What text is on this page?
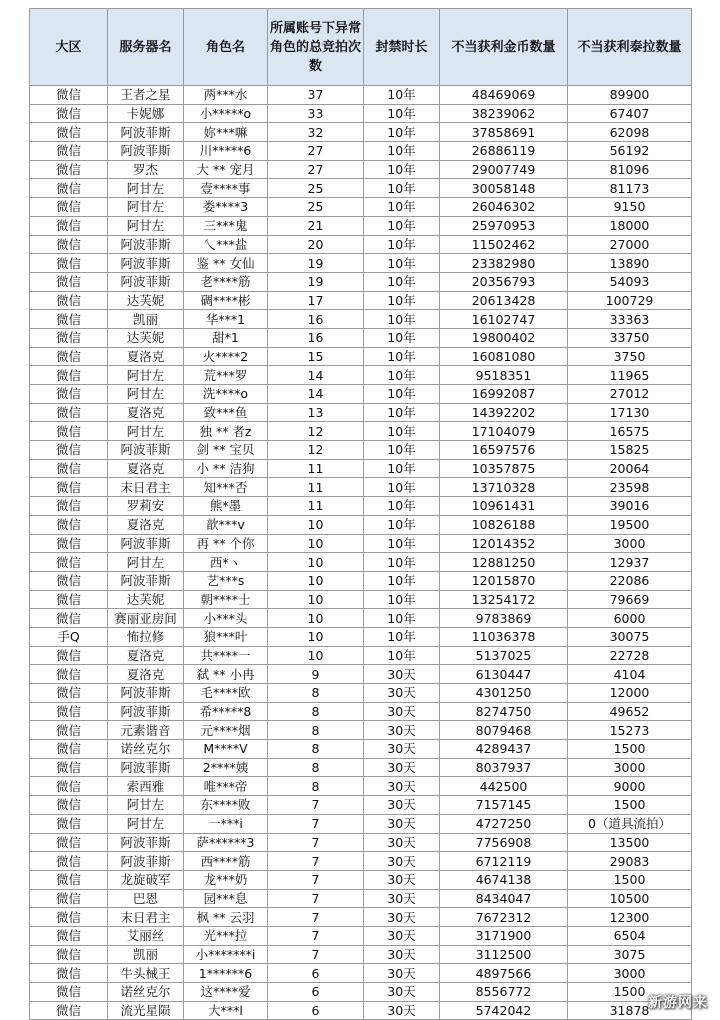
大区	服务器名	角色名	所属账号下异常角色的总竞拍次数	封禁时长	不当获利金币数量	不当获利泰拉数量
微信	王者之星	两***水	37	10年	48469069	89900
微信	卡妮娜	小*****o	33	10年	38239062	67407
微信	阿波菲斯	妳***嘛	32	10年	37858691	62098
微信	阿波菲斯	川*****6	27	10年	26886119	56192
微信	罗杰	大 ** 宠月	27	10年	29007749	81096
微信	阿甘左	壹****事	25	10年	30058148	81173
微信	阿甘左	娄****3	25	10年	26046302	9150
微信	阿甘左	三***鬼	21	10年	25970953	18000
微信	阿波菲斯	乀***盐	20	10年	11502462	27000
微信	阿波菲斯	鉴 ** 女仙	19	10年	23382980	13890
微信	阿波菲斯	老****筋	19	10年	20356793	54093
微信	达芙妮	碉****彬	17	10年	20613428	100729
微信	凯丽	华***1	16	10年	16102747	33363
微信	达芙妮	甜*1	16	10年	19800402	33750
微信	夏洛克	火****2	15	10年	16081080	3750
微信	阿甘左	荒***罗	14	10年	9518351	11965
微信	阿甘左	洗****o	14	10年	16992087	27012
微信	夏洛克	致***鱼	13	10年	14392202	17130
微信	阿甘左	独 ** 者z	12	10年	17104079	16575
微信	阿波菲斯	剑 ** 宝贝	12	10年	16597576	15825
微信	夏洛克	小 ** 洁狗	11	10年	10357875	20064
微信	末日君主	知***否	11	10年	13710328	23598
微信	罗莉安	熊*墨	11	10年	10961431	39016
微信	夏洛克	歆***v	10	10年	10826188	19500
微信	阿波菲斯	再 ** 个你	10	10年	12014352	3000
微信	阿甘左	西*ヽ	10	10年	12881250	12937
微信	阿波菲斯	艺***s	10	10年	12015870	22086
微信	达芙妮	朝****士	10	10年	13254172	79669
微信	赛丽亚房间	小***头	10	10年	9783869	6000
手Q	怖拉修	狼***叶	10	10年	11036378	30075
微信	夏洛克	共****一	10	10年	5137025	22728
微信	夏洛克	弑 ** 小冉	9	30天	6130447	4104
微信	阿波菲斯	毛****欧	8	30天	4301250	12000
微信	阿波菲斯	希*****8	8	30天	8274750	49652
微信	元素谐音	元****烟	8	30天	8079468	15273
微信	诺丝克尔	M****V	8	30天	4289437	1500
微信	阿波菲斯	2****姨	8	30天	8037937	3000
微信	索西雅	唯***帝	8	30天	442500	9000
微信	阿甘左	东****败	7	30天	7157145	1500
微信	阿甘左	一***i	7	30天	4727250	0（道具流拍）
微信	阿波菲斯	萨******3	7	30天	7756908	13500
微信	阿波菲斯	西****筋	7	30天	6712119	29083
微信	龙旋破军	龙***奶	7	30天	4674138	1500
微信	巴恩	园***息	7	30天	8434047	10500
微信	末日君主	枫 ** 云羽	7	30天	7672312	12300
微信	艾丽丝	光***拉	7	30天	3171900	6504
微信	凯丽	小*******i	7	30天	3112500	3075
微信	牛头械王	1******6	6	30天	4897566	3000
微信	诺丝克尔	这****爱	6	30天	8556772	1500
微信	流光星陨	大***l	6	30天	5742042	31878
新游网来
